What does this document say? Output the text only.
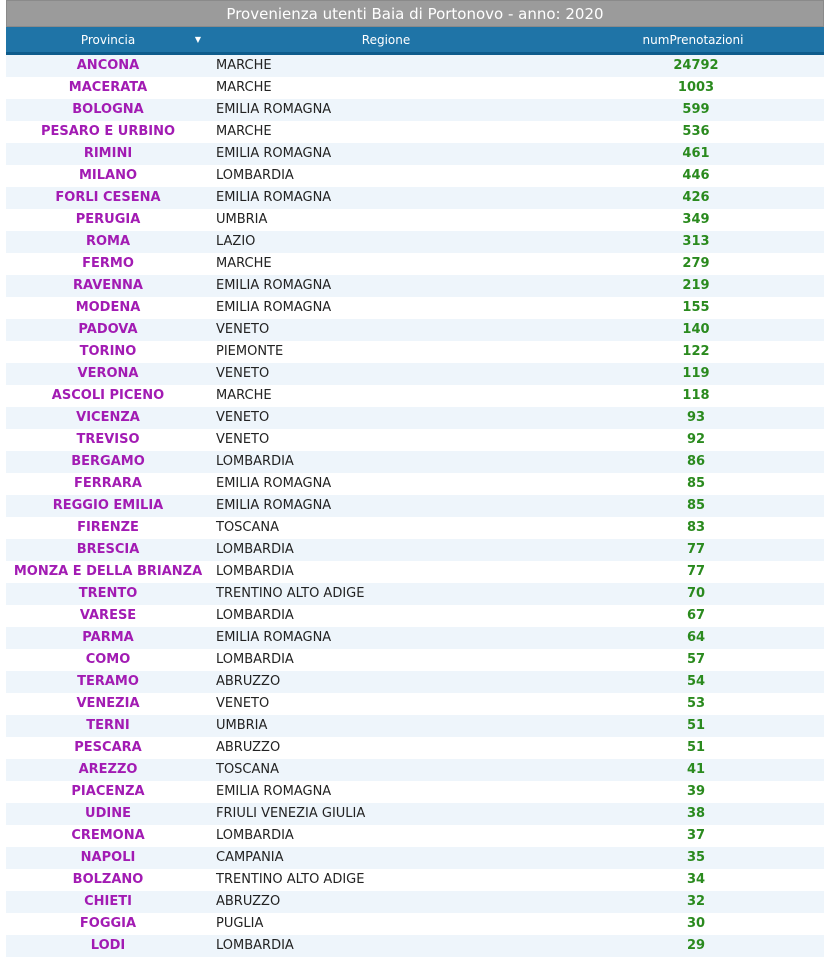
Provenienza utenti Baia di Portonovo - anno: 2020
Provincia	▼	Regione	numPrenotazioni
ANCONA	MARCHE	24792
MACERATA	MARCHE	1003
BOLOGNA	EMILIA ROMAGNA	599
PESARO E URBINO	MARCHE	536
RIMINI	EMILIA ROMAGNA	461
MILANO	LOMBARDIA	446
FORLI CESENA	EMILIA ROMAGNA	426
PERUGIA	UMBRIA	349
ROMA	LAZIO	313
FERMO	MARCHE	279
RAVENNA	EMILIA ROMAGNA	219
MODENA	EMILIA ROMAGNA	155
PADOVA	VENETO	140
TORINO	PIEMONTE	122
VERONA	VENETO	119
ASCOLI PICENO	MARCHE	118
VICENZA	VENETO	93
TREVISO	VENETO	92
BERGAMO	LOMBARDIA	86
FERRARA	EMILIA ROMAGNA	85
REGGIO EMILIA	EMILIA ROMAGNA	85
FIRENZE	TOSCANA	83
BRESCIA	LOMBARDIA	77
MONZA E DELLA BRIANZA	LOMBARDIA	77
TRENTO	TRENTINO ALTO ADIGE	70
VARESE	LOMBARDIA	67
PARMA	EMILIA ROMAGNA	64
COMO	LOMBARDIA	57
TERAMO	ABRUZZO	54
VENEZIA	VENETO	53
TERNI	UMBRIA	51
PESCARA	ABRUZZO	51
AREZZO	TOSCANA	41
PIACENZA	EMILIA ROMAGNA	39
UDINE	FRIULI VENEZIA GIULIA	38
CREMONA	LOMBARDIA	37
NAPOLI	CAMPANIA	35
BOLZANO	TRENTINO ALTO ADIGE	34
CHIETI	ABRUZZO	32
FOGGIA	PUGLIA	30
LODI	LOMBARDIA	29
